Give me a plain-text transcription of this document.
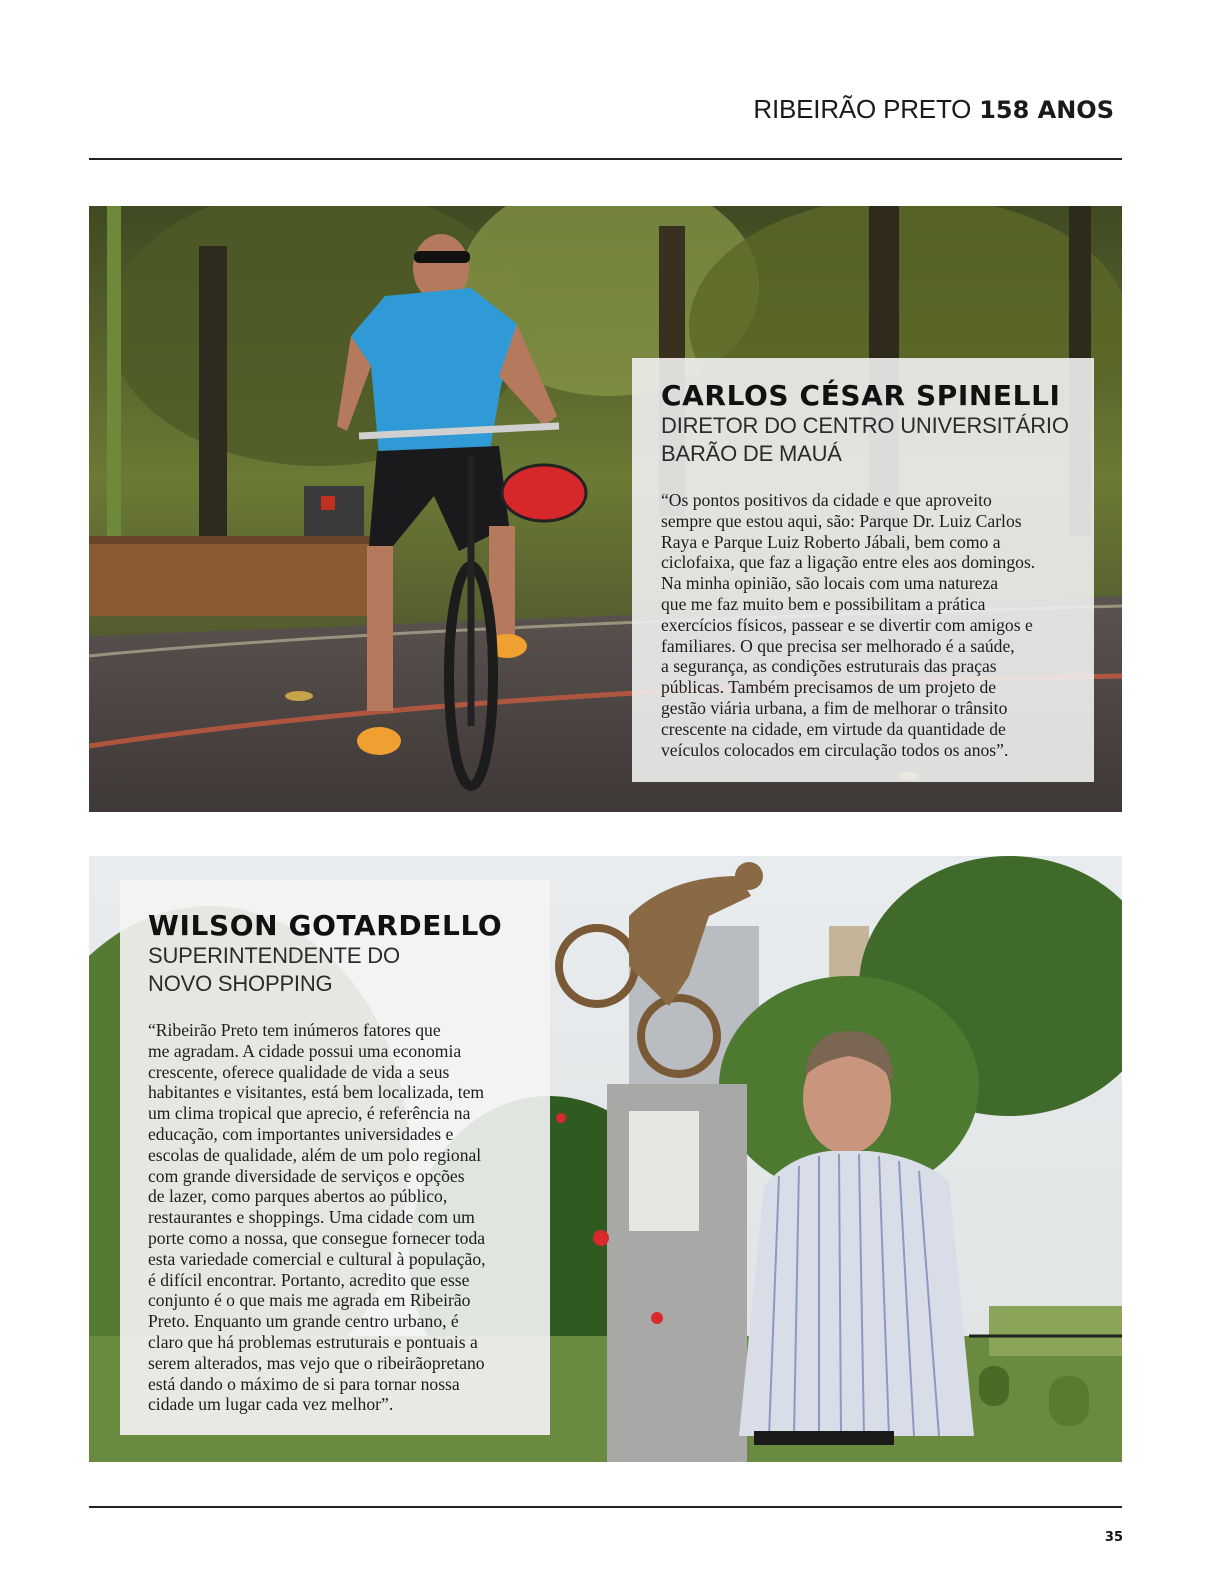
RIBEIRÃO PRETO 158 ANOS
CARLOS CÉSAR SPINELLI
DIRETOR DO CENTRO UNIVERSITÁRIO
BARÃO DE MAUÁ
“Os pontos positivos da cidade e que aproveito
sempre que estou aqui, são: Parque Dr. Luiz Carlos
Raya e Parque Luiz Roberto Jábali, bem como a
ciclofaixa, que faz a ligação entre eles aos domingos.
Na minha opinião, são locais com uma natureza
que me faz muito bem e possibilitam a prática
exercícios físicos, passear e se divertir com amigos e
familiares. O que precisa ser melhorado é a saúde,
a segurança, as condições estruturais das praças
públicas. Também precisamos de um projeto de
gestão viária urbana, a fim de melhorar o trânsito
crescente na cidade, em virtude da quantidade de
veículos colocados em circulação todos os anos”.
WILSON GOTARDELLO
SUPERINTENDENTE DO
NOVO SHOPPING
“Ribeirão Preto tem inúmeros fatores que
me agradam. A cidade possui uma economia
crescente, oferece qualidade de vida a seus
habitantes e visitantes, está bem localizada, tem
um clima tropical que aprecio, é referência na
educação, com importantes universidades e
escolas de qualidade, além de um polo regional
com grande diversidade de serviços e opções
de lazer, como parques abertos ao público,
restaurantes e shoppings. Uma cidade com um
porte como a nossa, que consegue fornecer toda
esta variedade comercial e cultural à população,
é difícil encontrar. Portanto, acredito que esse
conjunto é o que mais me agrada em Ribeirão
Preto. Enquanto um grande centro urbano, é
claro que há problemas estruturais e pontuais a
serem alterados, mas vejo que o ribeirãopretano
está dando o máximo de si para tornar nossa
cidade um lugar cada vez melhor”.
35
